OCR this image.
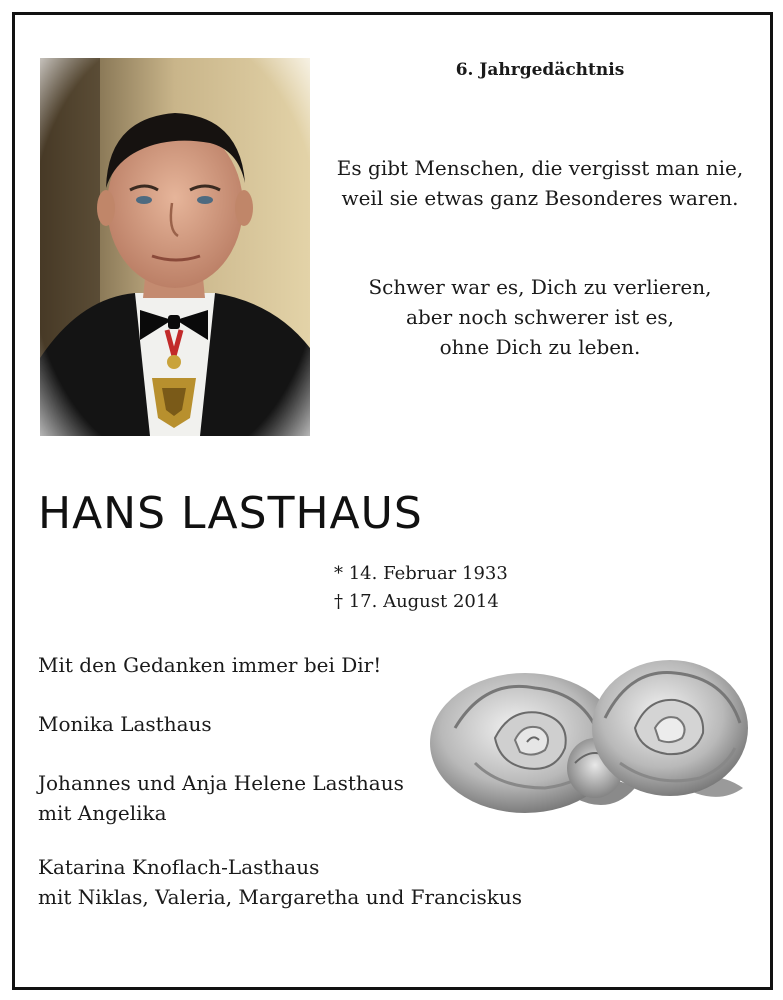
6. Jahrgedächtnis
Es gibt Menschen, die vergisst man nie,
weil sie etwas ganz Besonderes waren.
Schwer war es, Dich zu verlieren,
aber noch schwerer ist es,
ohne Dich zu leben.
HANS LASTHAUS
* 14. Februar 1933
† 17. August 2014
Mit den Gedanken immer bei Dir!
Monika Lasthaus
Johannes und Anja Helene Lasthaus
mit Angelika
Katarina Knoflach-Lasthaus
mit Niklas, Valeria, Margaretha und Franciskus
